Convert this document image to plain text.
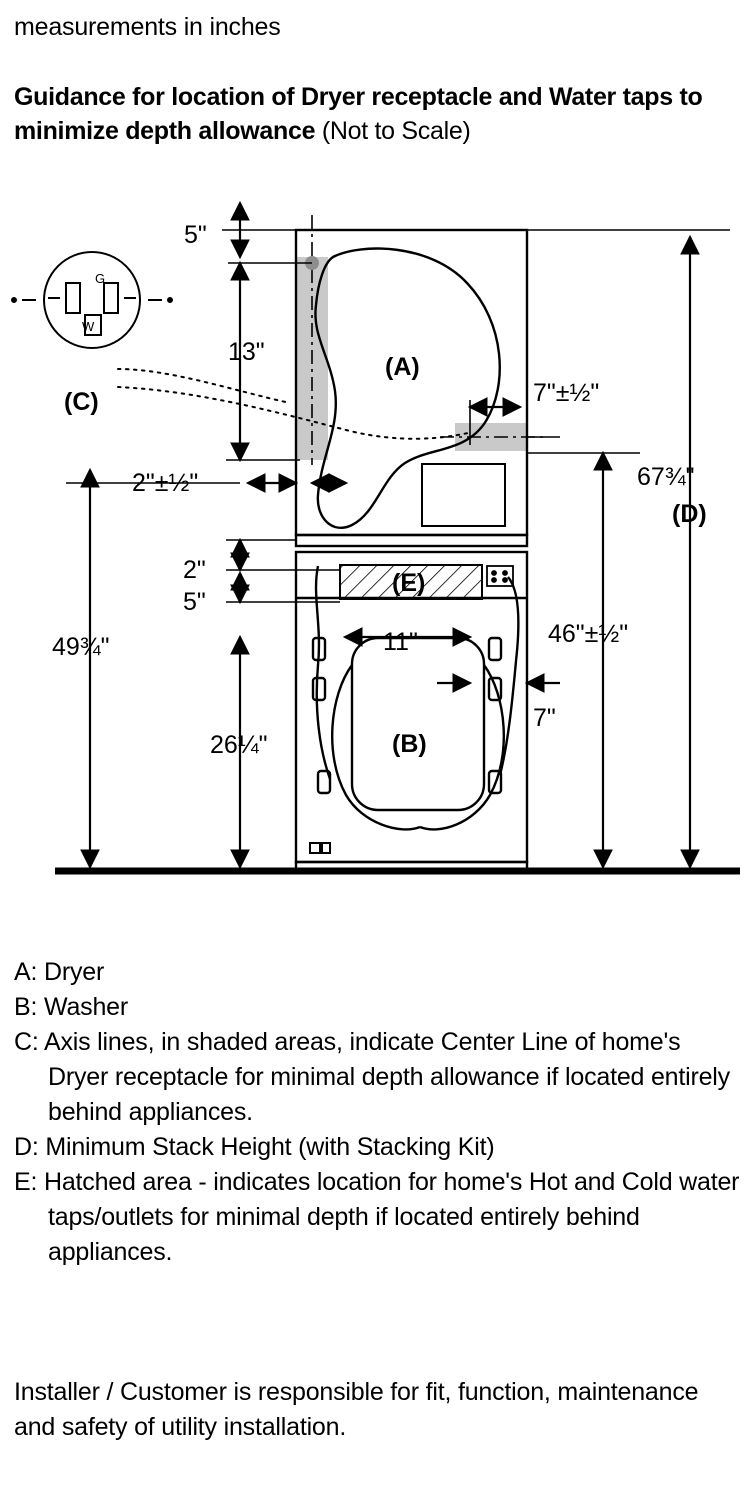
measurements in inches
Guidance for location of Dryer receptacle and Water taps to minimize depth allowance (Not to Scale)
5"
13"
2"±½"
7"±½"
2"
5"
11"
7"
26¼"
46"±½"
49¾"
67¾"
(D)
(A)
(B)
(C)
(E)
G
W
A: Dryer
B: Washer
C: Axis lines, in shaded areas, indicate Center Line of home's Dryer receptacle for minimal depth allowance if located entirely behind appliances.
D: Minimum Stack Height (with Stacking Kit)
E: Hatched area - indicates location for home's Hot and Cold water taps/outlets for minimal depth if located entirely behind appliances.
Installer / Customer is responsible for fit, function, maintenance and safety of utility installation.
